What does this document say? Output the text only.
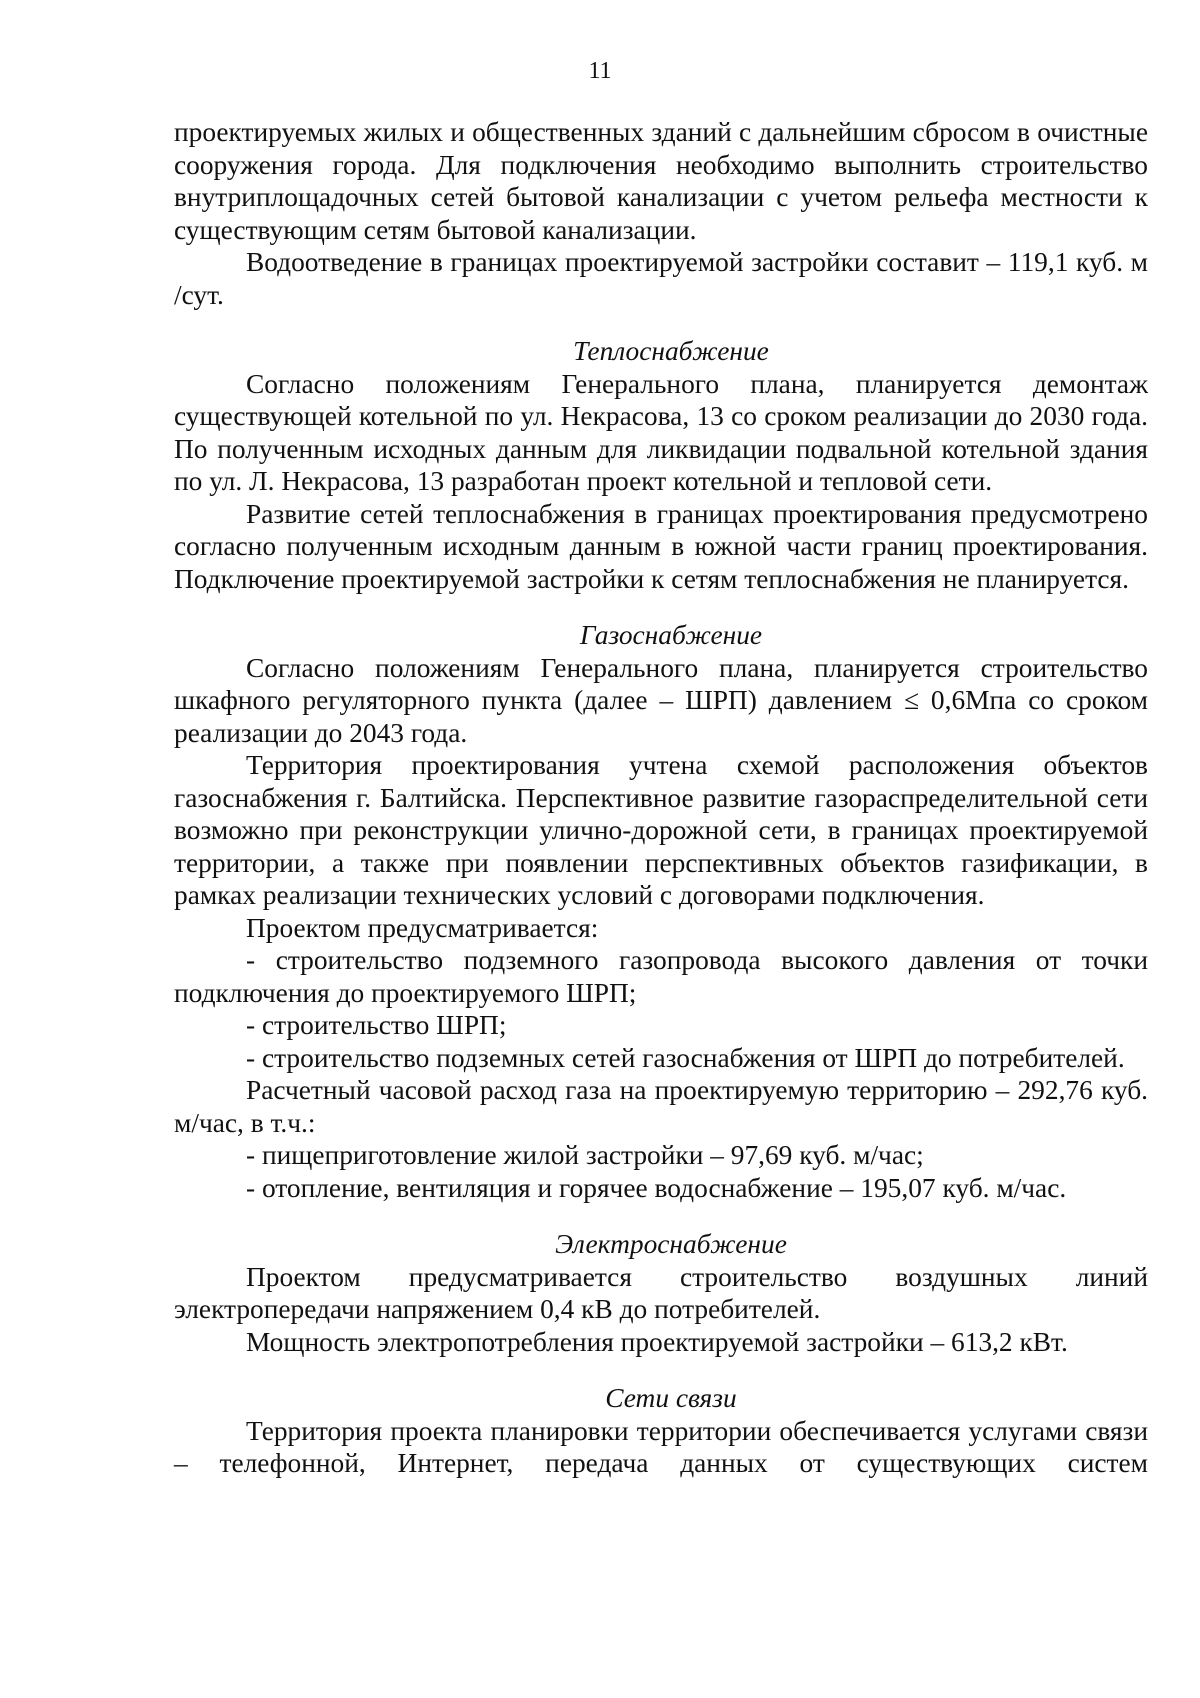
11

проектируемых жилых и общественных зданий с дальнейшим сбросом в очистные сооружения города. Для подключения необходимо выполнить строительство внутриплощадочных сетей бытовой канализации с учетом рельефа местности к существующим сетям бытовой канализации.

Водоотведение в границах проектируемой застройки составит – 119,1 куб. м /сут.

Теплоснабжение

Согласно положениям Генерального плана, планируется демонтаж существующей котельной по ул. Некрасова, 13 со сроком реализации до 2030 года. По полученным исходных данным для ликвидации подвальной котельной здания по ул. Л. Некрасова, 13 разработан проект котельной и тепловой сети.

Развитие сетей теплоснабжения в границах проектирования предусмотрено согласно полученным исходным данным в южной части границ проектирования. Подключение проектируемой застройки к сетям теплоснабжения не планируется.

Газоснабжение

Согласно положениям Генерального плана, планируется строительство шкафного регуляторного пункта (далее – ШРП) давлением ≤ 0,6Мпа со сроком реализации до 2043 года.

Территория проектирования учтена схемой расположения объектов газоснабжения г. Балтийска. Перспективное развитие газораспределительной сети возможно при реконструкции улично-дорожной сети, в границах проектируемой территории, а также при появлении перспективных объектов газификации, в рамках реализации технических условий с договорами подключения.

Проектом предусматривается:

- строительство подземного газопровода высокого давления от точки подключения до проектируемого ШРП;

- строительство ШРП;

- строительство подземных сетей газоснабжения от ШРП до потребителей.

Расчетный часовой расход газа на проектируемую территорию – 292,76 куб. м/час, в т.ч.:

- пищеприготовление жилой застройки – 97,69 куб. м/час;

- отопление, вентиляция и горячее водоснабжение – 195,07 куб. м/час.

Электроснабжение

Проектом предусматривается строительство воздушных линий электропередачи напряжением 0,4 кВ до потребителей.

Мощность электропотребления проектируемой застройки – 613,2 кВт.

Сети связи

Территория проекта планировки территории обеспечивается услугами связи – телефонной, Интернет, передача данных от существующих систем
